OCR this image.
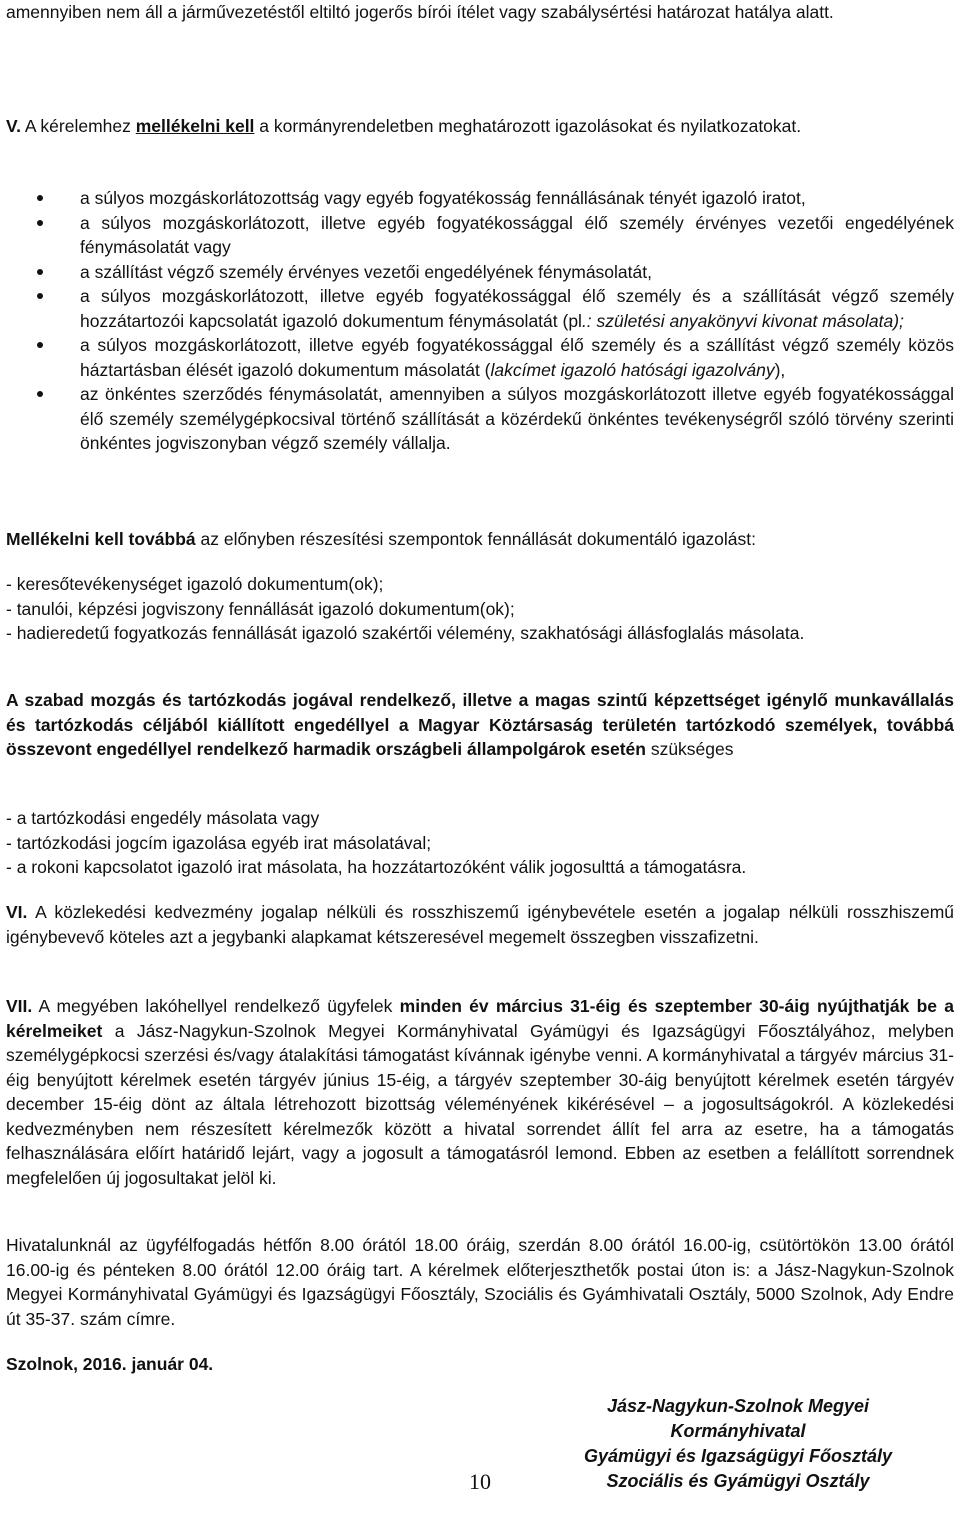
amennyiben nem áll a járművezetéstől eltiltó jogerős bírói ítélet vagy szabálysértési határozat hatálya alatt.

V. A kérelemhez mellékelni kell a kormányrendeletben meghatározott igazolásokat és nyilatkozatokat.

a súlyos mozgáskorlátozottság vagy egyéb fogyatékosság fennállásának tényét igazoló iratot,
a súlyos mozgáskorlátozott, illetve egyéb fogyatékossággal élő személy érvényes vezetői engedélyének fénymásolatát vagy
a szállítást végző személy érvényes vezetői engedélyének fénymásolatát,
a súlyos mozgáskorlátozott, illetve egyéb fogyatékossággal élő személy és a szállítását végző személy hozzátartozói kapcsolatát igazoló dokumentum fénymásolatát (pl.: születési anyakönyvi kivonat másolata);
a súlyos mozgáskorlátozott, illetve egyéb fogyatékossággal élő személy és a szállítást végző személy közös háztartásban élését igazoló dokumentum másolatát (lakcímet igazoló hatósági igazolvány),
az önkéntes szerződés fénymásolatát, amennyiben a súlyos mozgáskorlátozott illetve egyéb fogyatékossággal élő személy személygépkocsival történő szállítását a közérdekű önkéntes tevékenységről szóló törvény szerinti önkéntes jogviszonyban végző személy vállalja.

Mellékelni kell továbbá az előnyben részesítési szempontok fennállását dokumentáló igazolást:

- keresőtevékenységet igazoló dokumentum(ok);

- tanulói, képzési jogviszony fennállását igazoló dokumentum(ok);

- hadieredetű fogyatkozás fennállását igazoló szakértői vélemény, szakhatósági állásfoglalás másolata.

A szabad mozgás és tartózkodás jogával rendelkező, illetve a magas szintű képzettséget igénylő munkavállalás és tartózkodás céljából kiállított engedéllyel a Magyar Köztársaság területén tartózkodó személyek, továbbá összevont engedéllyel rendelkező harmadik országbeli állampolgárok esetén szükséges

- a tartózkodási engedély másolata vagy

- tartózkodási jogcím igazolása egyéb irat másolatával;

- a rokoni kapcsolatot igazoló irat másolata, ha hozzátartozóként válik jogosulttá a támogatásra.

VI. A közlekedési kedvezmény jogalap nélküli és rosszhiszemű igénybevétele esetén a jogalap nélküli rosszhiszemű igénybevevő köteles azt a jegybanki alapkamat kétszeresével megemelt összegben visszafizetni.

VII. A megyében lakóhellyel rendelkező ügyfelek minden év március 31-éig és szeptember 30-áig nyújthatják be a kérelmeiket a Jász-Nagykun-Szolnok Megyei Kormányhivatal Gyámügyi és Igazságügyi Főosztályához, melyben személygépkocsi szerzési és/vagy átalakítási támogatást kívánnak igénybe venni. A kormányhivatal a tárgyév március 31-éig benyújtott kérelmek esetén tárgyév június 15-éig, a tárgyév szeptember 30-áig benyújtott kérelmek esetén tárgyév december 15-éig dönt az általa létrehozott bizottság véleményének kikérésével – a jogosultságokról. A közlekedési kedvezményben nem részesített kérelmezők között a hivatal sorrendet állít fel arra az esetre, ha a támogatás felhasználására előírt határidő lejárt, vagy a jogosult a támogatásról lemond. Ebben az esetben a felállított sorrendnek megfelelően új jogosultakat jelöl ki.

Hivatalunknál az ügyfélfogadás hétfőn 8.00 órától 18.00 óráig, szerdán 8.00 órától 16.00-ig, csütörtökön 13.00 órától 16.00-ig és pénteken 8.00 órától 12.00 óráig tart. A kérelmek előterjeszthetők postai úton is: a Jász-Nagykun-Szolnok Megyei Kormányhivatal Gyámügyi és Igazságügyi Főosztály, Szociális és Gyámhivatali Osztály, 5000 Szolnok, Ady Endre út 35-37. szám címre.

Szolnok, 2016. január 04.

Jász-Nagykun-Szolnok Megyei
Kormányhivatal
Gyámügyi és Igazságügyi Főosztály
Szociális és Gyámügyi Osztály
10
